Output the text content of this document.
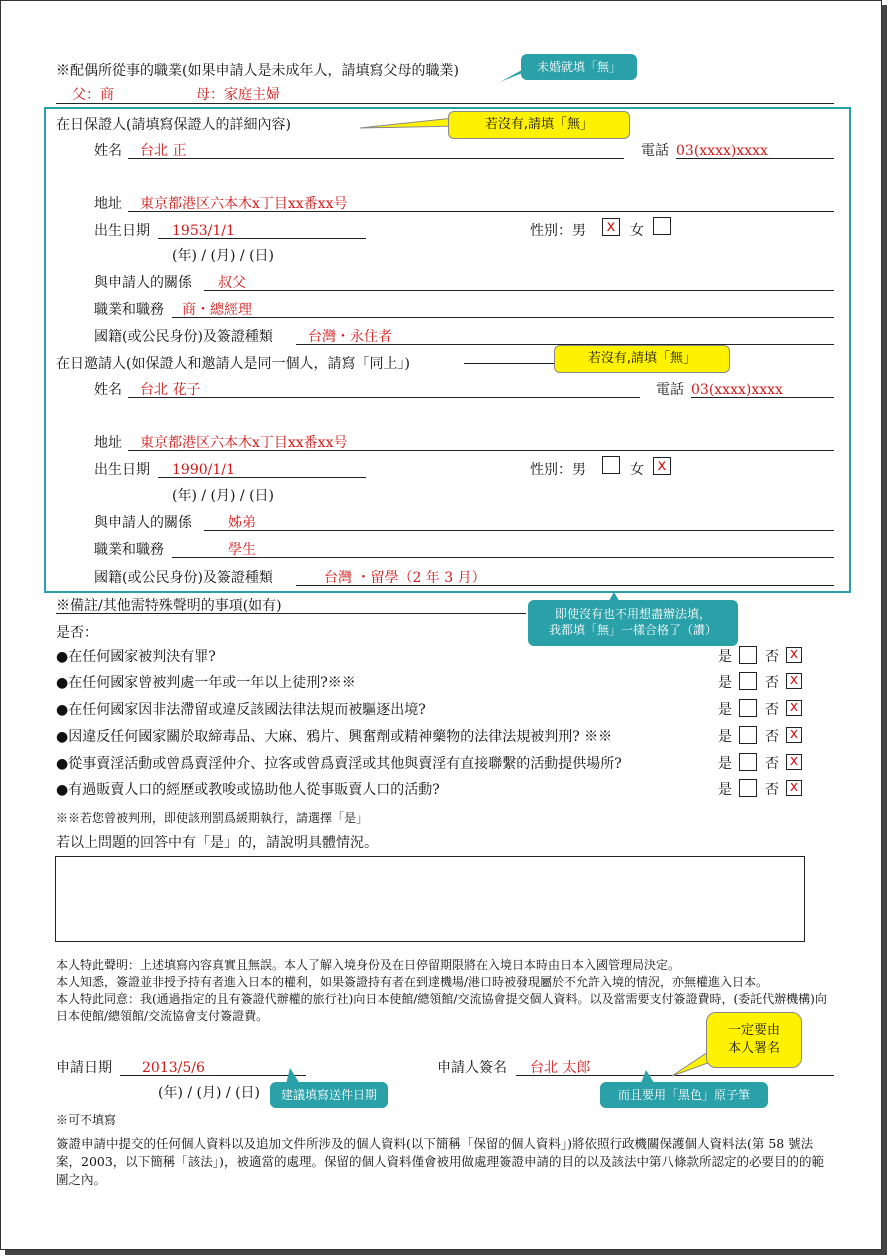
※配偶所從事的職業(如果申請人是未成年人，請填寫父母的職業)	未婚就填「無」
父：商	母：家庭主婦
在日保證人(請填寫保證人的詳細內容)	若沒有,請填「無」
姓名 台北 正	電話 03(xxxx)xxxx
地址 東京都港区六本木x丁目xx番xx号
出生日期 1953/1/1	性別：男	x	女
(年) / (月) / (日)
與申請人的關係 叔父
職業和職務 商・總經理
國籍(或公民身份)及簽證種類	台灣・永住者
在日邀請人(如保證人和邀請人是同一個人，請寫「同上」)	若沒有,請填「無」
姓名 台北 花子	電話 03(xxxx)xxxx
地址 東京都港区六本木x丁目xx番xx号
出生日期 1990/1/1	性別：男	女 x
(年) / (月) / (日)
與申請人的關係	姊弟
職業和職務	學生
國籍(或公民身份)及簽證種類	台灣 ・留學（2 年 3 月）
※備註/其他需特殊聲明的事項(如有)	即使沒有也不用想盡辦法填，
我都填「無」一樣合格了（讚）
是否：
●在任何國家被判決有罪?	是 否 x
●在任何國家曾被判處一年或一年以上徒刑?※※	是 否 x
●在任何國家因非法滯留或違反該國法律法規而被驅逐出境?	是 否 x
●因違反任何國家關於取締毒品、大麻、鴉片、興奮劑或精神藥物的法律法規被判刑? ※※	是 否 x
●從事賣淫活動或曾爲賣淫仲介、拉客或曾爲賣淫或其他與賣淫有直接聯繫的活動提供場所?	是 否 x
●有過販賣人口的經歷或教唆或協助他人從事販賣人口的活動?	是 否 x
※※若您曾被判刑，即使該刑罰爲緩期執行，請選擇「是」
若以上問題的回答中有「是」的，請說明具體情況。
本人特此聲明：上述填寫內容真實且無誤。本人了解入境身份及在日停留期限將在入境日本時由日本入國管理局決定。
本人知悉，簽證並非授予持有者進入日本的權利，如果簽證持有者在到達機場/港口時被發現屬於不允許入境的情況，亦無權進入日本。
本人特此同意：我(通過指定的且有簽證代辦權的旅行社)向日本使館/總領館/交流協會提交個人資料。以及當需要支付簽證費時，(委託代辦機構)向日本使館/總領館/交流協會支付簽證費。
申請日期 2013/5/6
(年) / (月) / (日)	建議填寫送件日期
申請人簽名 台北 太郎
一定要由
本人署名
而且要用「黑色」原子筆
※可不填寫
簽證申請中提交的任何個人資料以及追加文件所涉及的個人資料(以下簡稱「保留的個人資料」)將依照行政機關保護個人資料法(第 58 號法案，2003，以下簡稱「該法」)，被適當的處理。保留的個人資料僅會被用做處理簽證申請的目的以及該法中第八條款所認定的必要目的的範圍之內。
